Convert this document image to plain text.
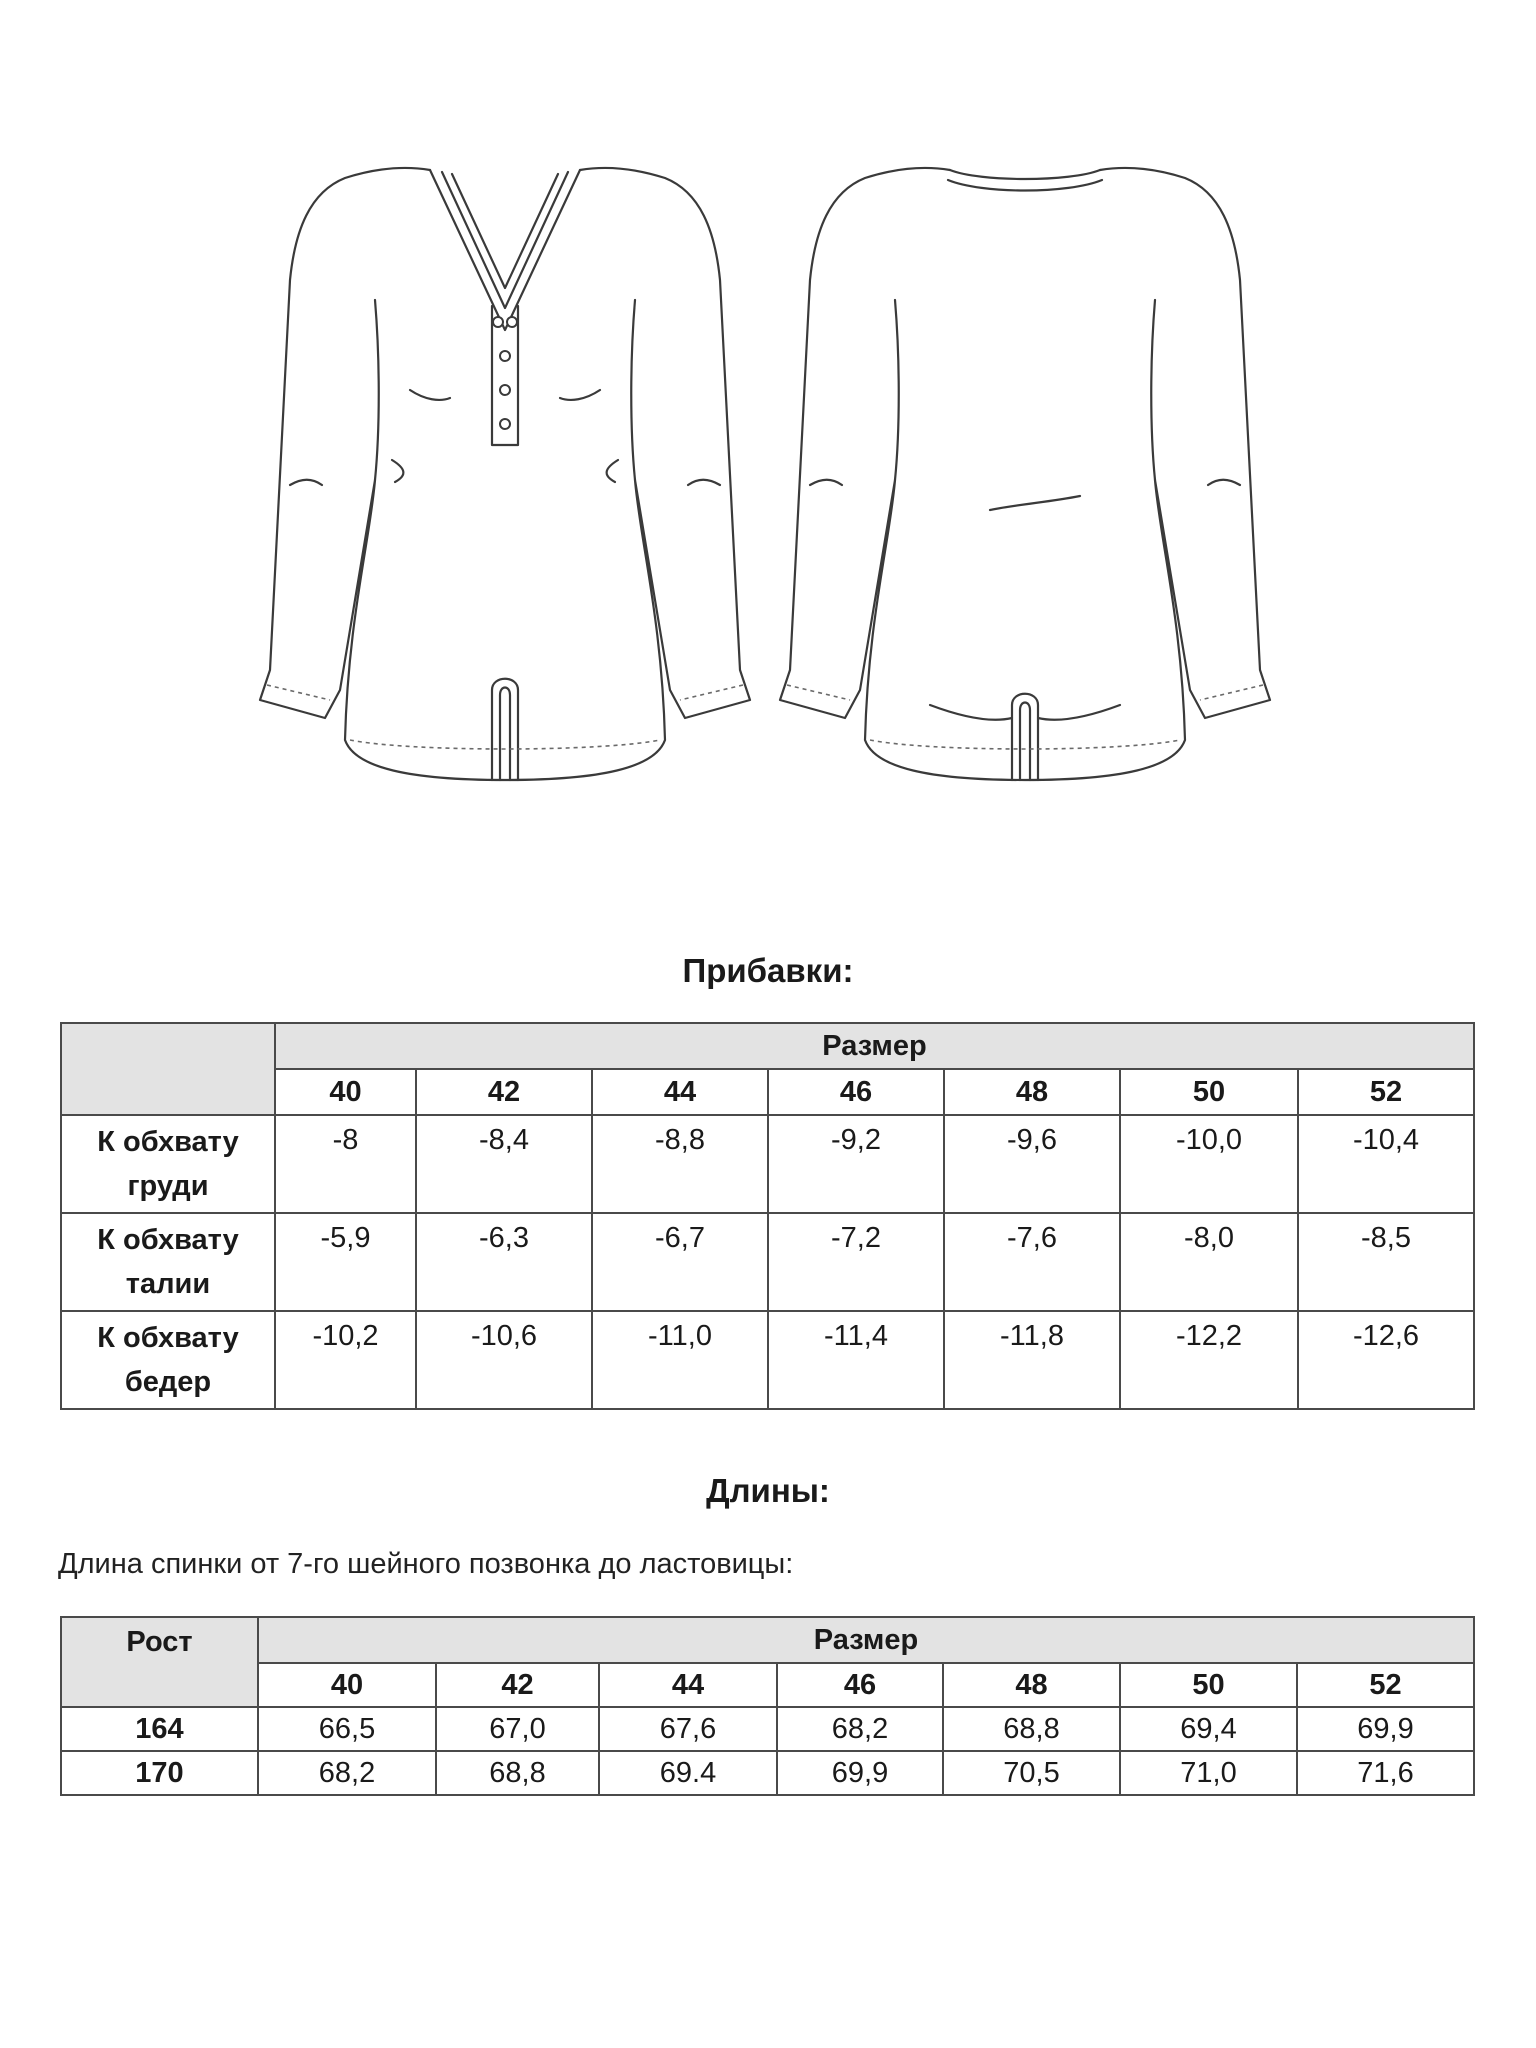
Прибавки:
	Размер						
	40	42	44	46	48	50	52
К обхвату груди	-8	-8,4	-8,8	-9,2	-9,6	-10,0	-10,4
К обхвату талии	-5,9	-6,3	-6,7	-7,2	-7,6	-8,0	-8,5
К обхвату бедер	-10,2	-10,6	-11,0	-11,4	-11,8	-12,2	-12,6
Длины:
Длина спинки от 7-го шейного позвонка до ластовицы:
Рост	Размер						
	40	42	44	46	48	50	52
164	66,5	67,0	67,6	68,2	68,8	69,4	69,9
170	68,2	68,8	69.4	69,9	70,5	71,0	71,6
